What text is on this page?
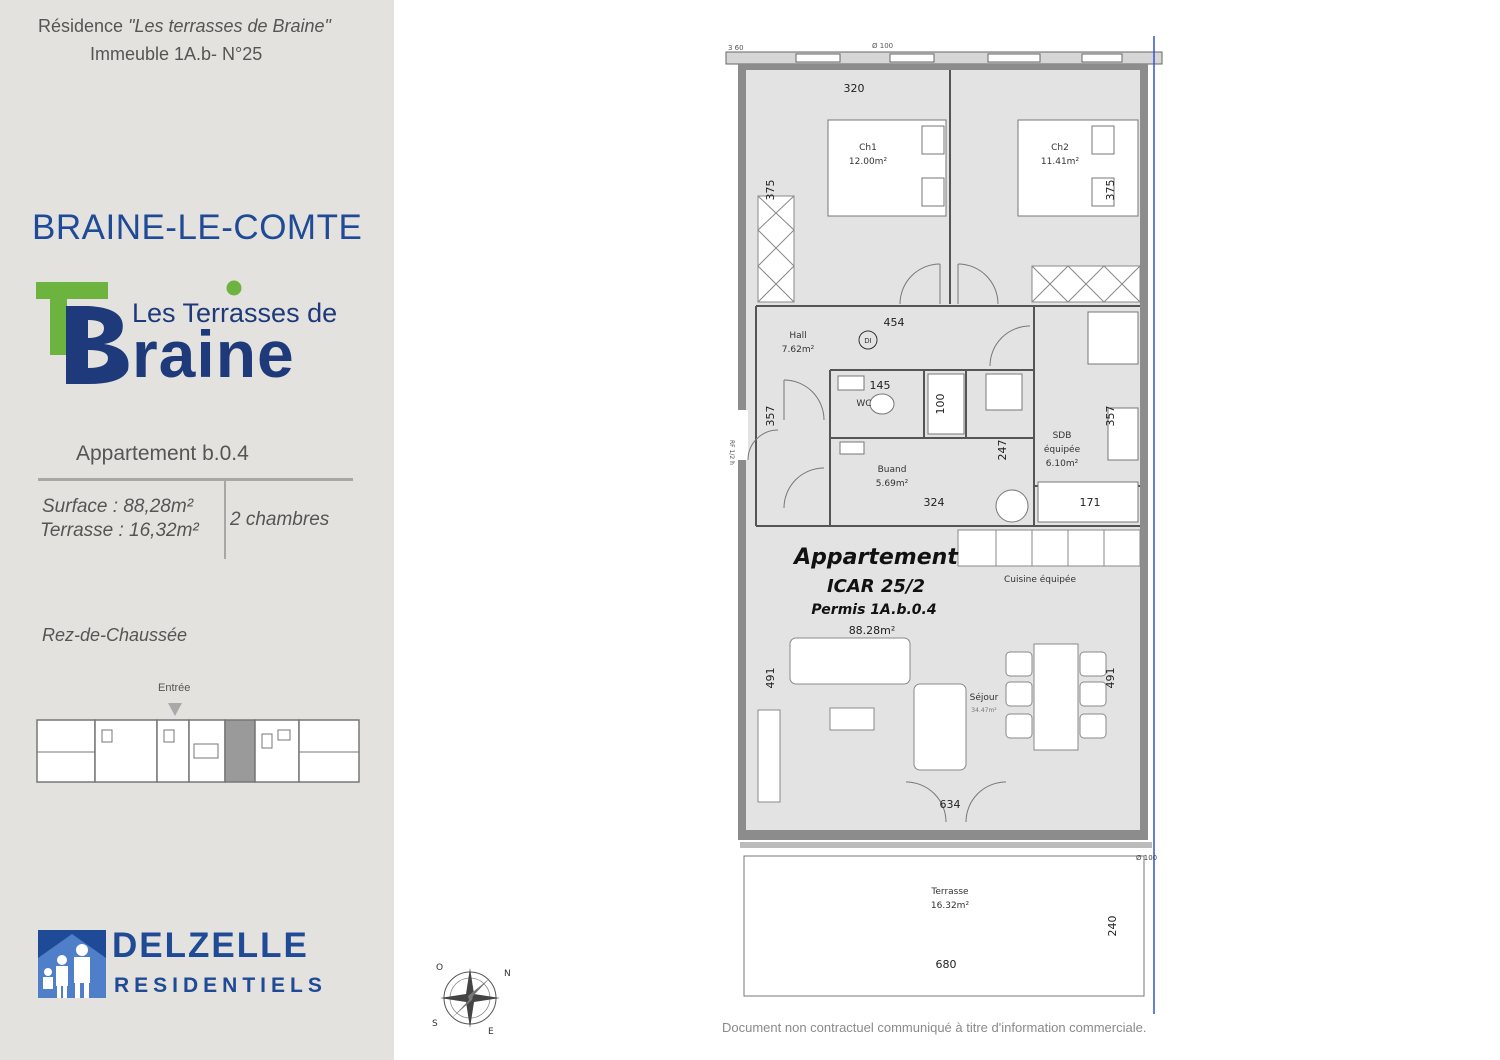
Résidence "Les terrasses de Braine"
Immeuble 1A.b- N°25
BRAINE-LE-COMTE
Les Terrasses de
raine
Appartement b.0.4
Surface : 88,28m²
Terrasse : 16,32m²
2 chambres
Rez-de-Chaussée
Entrée
DELZELLE
RESIDENTIELS
3 60	Ø 100
Ø 100
Ch1
12.00m²
Ch2
11.41m²
Hall
7.62m²
WC
Buand
5.69m²
SDB
équipée
6.10m²
Cuisine équipée
Séjour
34.47m²
Terrasse
16.32m²
DI
RF 1/2 h
320
375	375
454
145
100
357	357
247
324	171
491	491
634
240
680
Appartement
ICAR 25/2
Permis 1A.b.0.4
88.28m²
N
S
E
O
Document non contractuel communiqué à titre d'information commerciale.
